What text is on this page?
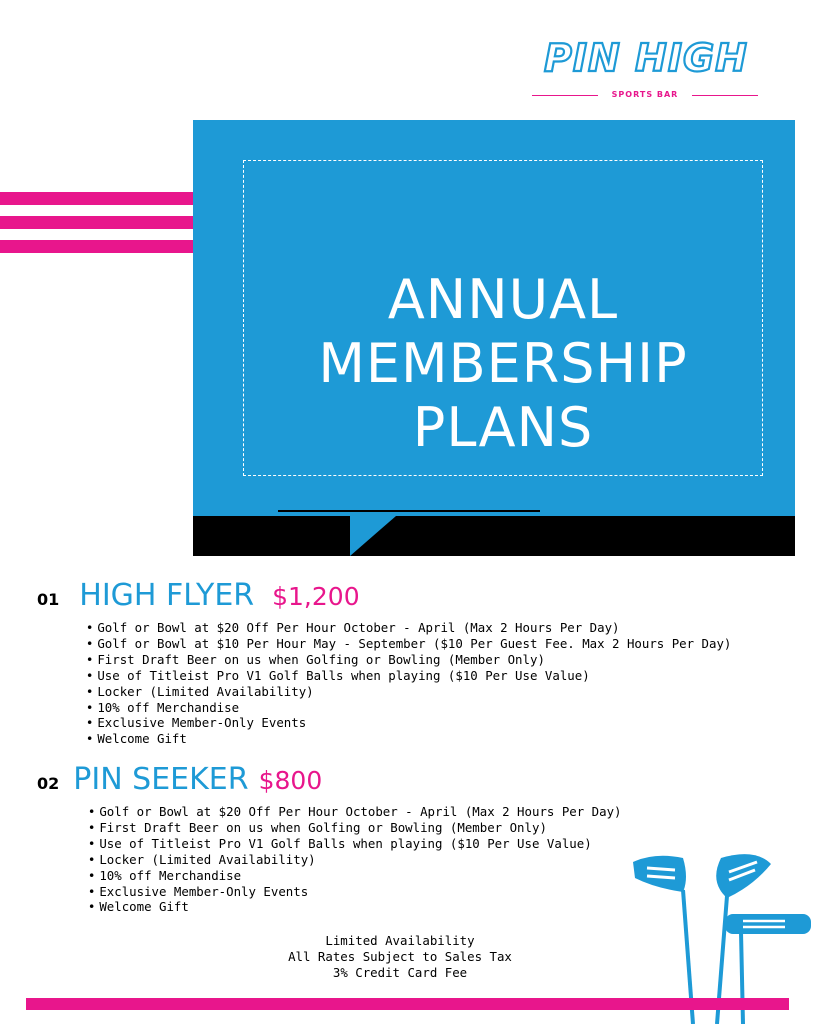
PIN HIGH
SPORTS BAR
ANNUAL
MEMBERSHIP
PLANS
01 HIGH FLYER $1,200
• Golf or Bowl at $20 Off Per Hour October - April (Max 2 Hours Per Day)
• Golf or Bowl at $10 Per Hour May - September ($10 Per Guest Fee. Max 2 Hours Per Day)
• First Draft Beer on us when Golfing or Bowling (Member Only)
• Use of Titleist Pro V1 Golf Balls when playing ($10 Per Use Value)
• Locker (Limited Availability)
• 10% off Merchandise
• Exclusive Member-Only Events
• Welcome Gift
02 PIN SEEKER $800
• Golf or Bowl at $20 Off Per Hour October - April (Max 2 Hours Per Day)
• First Draft Beer on us when Golfing or Bowling (Member Only)
• Use of Titleist Pro V1 Golf Balls when playing ($10 Per Use Value)
• Locker (Limited Availability)
• 10% off Merchandise
• Exclusive Member-Only Events
• Welcome Gift
Limited Availability
All Rates Subject to Sales Tax
3% Credit Card Fee
